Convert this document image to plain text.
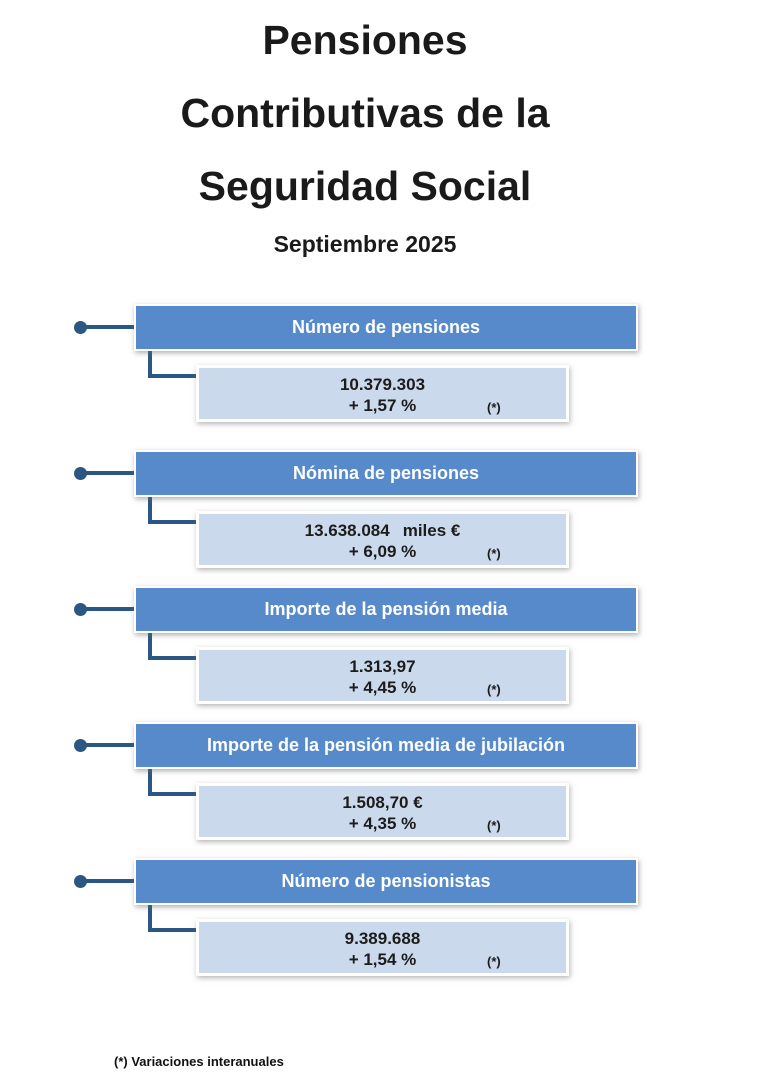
Pensiones
Contributivas de la
Seguridad Social
Septiembre 2025
Número de pensiones
10.379.303
+ 1,57 %	(*)
Nómina de pensiones
13.638.084 miles €
+ 6,09 %	(*)
Importe de la pensión media
1.313,97
+ 4,45 %	(*)
Importe de la pensión media de jubilación
1.508,70 €
+ 4,35 %	(*)
Número de pensionistas
9.389.688
+ 1,54 %	(*)
(*) Variaciones interanuales
